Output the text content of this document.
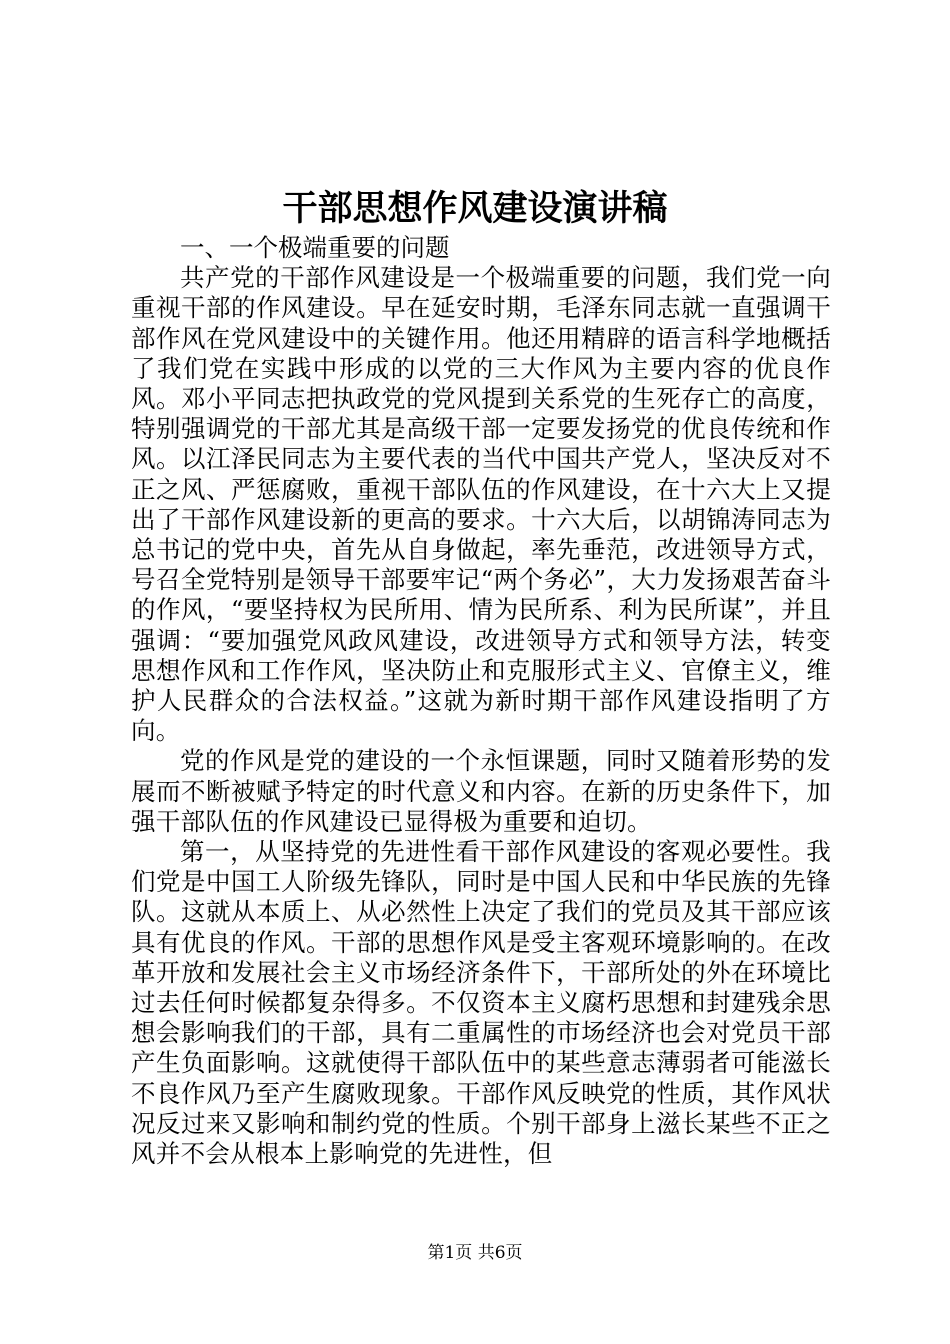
干部思想作风建设演讲稿

一、一个极端重要的问题

共产党的干部作风建设是一个极端重要的问题，我们党一向重视干部的作风建设。早在延安时期，毛泽东同志就一直强调干部作风在党风建设中的关键作用。他还用精辟的语言科学地概括了我们党在实践中形成的以党的三大作风为主要内容的优良作风。邓小平同志把执政党的党风提到关系党的生死存亡的高度，特别强调党的干部尤其是高级干部一定要发扬党的优良传统和作风。以江泽民同志为主要代表的当代中国共产党人，坚决反对不正之风、严惩腐败，重视干部队伍的作风建设，在十六大上又提出了干部作风建设新的更高的要求。十六大后，以胡锦涛同志为总书记的党中央，首先从自身做起，率先垂范，改进领导方式，号召全党特别是领导干部要牢记“两个务必”，大力发扬艰苦奋斗的作风，“要坚持权为民所用、情为民所系、利为民所谋”，并且强调：“要加强党风政风建设，改进领导方式和领导方法，转变思想作风和工作作风，坚决防止和克服形式主义、官僚主义，维护人民群众的合法权益。”这就为新时期干部作风建设指明了方向。

党的作风是党的建设的一个永恒课题，同时又随着形势的发展而不断被赋予特定的时代意义和内容。在新的历史条件下，加强干部队伍的作风建设已显得极为重要和迫切。

第一，从坚持党的先进性看干部作风建设的客观必要性。我们党是中国工人阶级先锋队，同时是中国人民和中华民族的先锋队。这就从本质上、从必然性上决定了我们的党员及其干部应该具有优良的作风。干部的思想作风是受主客观环境影响的。在改革开放和发展社会主义市场经济条件下，干部所处的外在环境比过去任何时候都复杂得多。不仅资本主义腐朽思想和封建残余思想会影响我们的干部，具有二重属性的市场经济也会对党员干部产生负面影响。这就使得干部队伍中的某些意志薄弱者可能滋长不良作风乃至产生腐败现象。干部作风反映党的性质，其作风状况反过来又影响和制约党的性质。个别干部身上滋长某些不正之风并不会从根本上影响党的先进性，但

第1页 共6页
